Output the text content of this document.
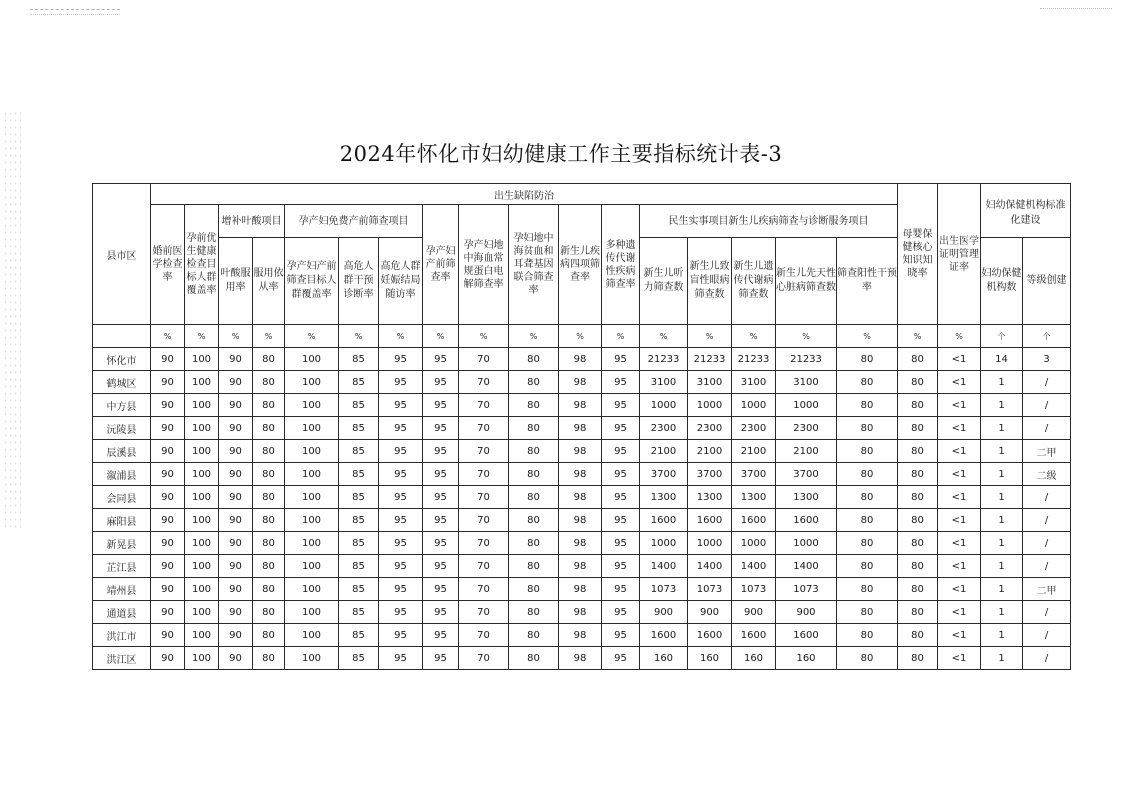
2024年怀化市妇幼健康工作主要指标统计表-3
县市区	出生缺陷防治																	母婴保健核心知识知晓率	出生医学证明管理证率	妇幼保健机构标准化建设	
	婚前医学检查率	孕前优生健康检查目标人群覆盖率	增补叶酸项目		孕产妇免费产前筛查项目			孕产妇产前筛查率	孕产妇地中海血常规蛋白电解筛查率	孕妇地中海贫血和耳聋基因联合筛查率	新生儿疾病四项筛查率	多种遗传代谢性疾病筛查率	民生实事项目新生儿疾病筛查与诊断服务项目								
			叶酸服用率	服用依从率	孕产妇产前筛查目标人群覆盖率	高危人群干预诊断率	高危人群妊娠结局随访率						新生儿听力筛查数	新生儿致盲性眼病筛查数	新生儿遗传代谢病筛查数	新生儿先天性心脏病筛查数	筛查阳性干预率			妇幼保健机构数	等级创建
	%	%	%	%	%	%	%	%	%	%	%	%	%	%	%	%	%	%	%	个	个
怀化市	90	100	90	80	100	85	95	95	70	80	98	95	21233	21233	21233	21233	80	80	<1	14	3
鹤城区	90	100	90	80	100	85	95	95	70	80	98	95	3100	3100	3100	3100	80	80	<1	1	/
中方县	90	100	90	80	100	85	95	95	70	80	98	95	1000	1000	1000	1000	80	80	<1	1	/
沅陵县	90	100	90	80	100	85	95	95	70	80	98	95	2300	2300	2300	2300	80	80	<1	1	/
辰溪县	90	100	90	80	100	85	95	95	70	80	98	95	2100	2100	2100	2100	80	80	<1	1	二甲
溆浦县	90	100	90	80	100	85	95	95	70	80	98	95	3700	3700	3700	3700	80	80	<1	1	二级
会同县	90	100	90	80	100	85	95	95	70	80	98	95	1300	1300	1300	1300	80	80	<1	1	/
麻阳县	90	100	90	80	100	85	95	95	70	80	98	95	1600	1600	1600	1600	80	80	<1	1	/
新晃县	90	100	90	80	100	85	95	95	70	80	98	95	1000	1000	1000	1000	80	80	<1	1	/
芷江县	90	100	90	80	100	85	95	95	70	80	98	95	1400	1400	1400	1400	80	80	<1	1	/
靖州县	90	100	90	80	100	85	95	95	70	80	98	95	1073	1073	1073	1073	80	80	<1	1	二甲
通道县	90	100	90	80	100	85	95	95	70	80	98	95	900	900	900	900	80	80	<1	1	/
洪江市	90	100	90	80	100	85	95	95	70	80	98	95	1600	1600	1600	1600	80	80	<1	1	/
洪江区	90	100	90	80	100	85	95	95	70	80	98	95	160	160	160	160	80	80	<1	1	/
